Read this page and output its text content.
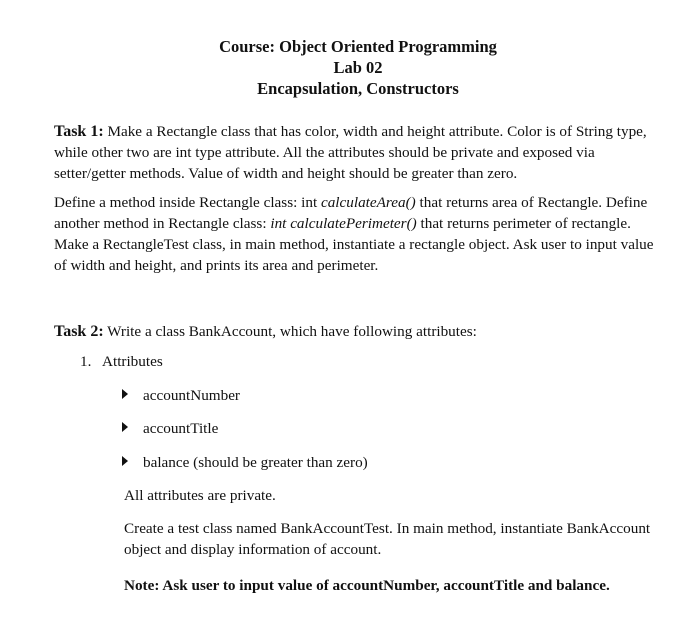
Course: Object Oriented Programming
Lab 02
Encapsulation, Constructors
Task 1: Make a Rectangle class that has color, width and height attribute. Color is of String type, while other two are int type attribute. All the attributes should be private and exposed via setter/getter methods. Value of width and height should be greater than zero.
Define a method inside Rectangle class: int calculateArea() that returns area of Rectangle. Define another method in Rectangle class: int calculatePerimeter() that returns perimeter of rectangle. Make a RectangleTest class, in main method, instantiate a rectangle object. Ask user to input value of width and height, and prints its area and perimeter.
Task 2: Write a class BankAccount, which have following attributes:
1. Attributes
accountNumber
accountTitle
balance (should be greater than zero)
All attributes are private.
Create a test class named BankAccountTest. In main method, instantiate BankAccount object and display information of account.
Note: Ask user to input value of accountNumber, accountTitle and balance.
